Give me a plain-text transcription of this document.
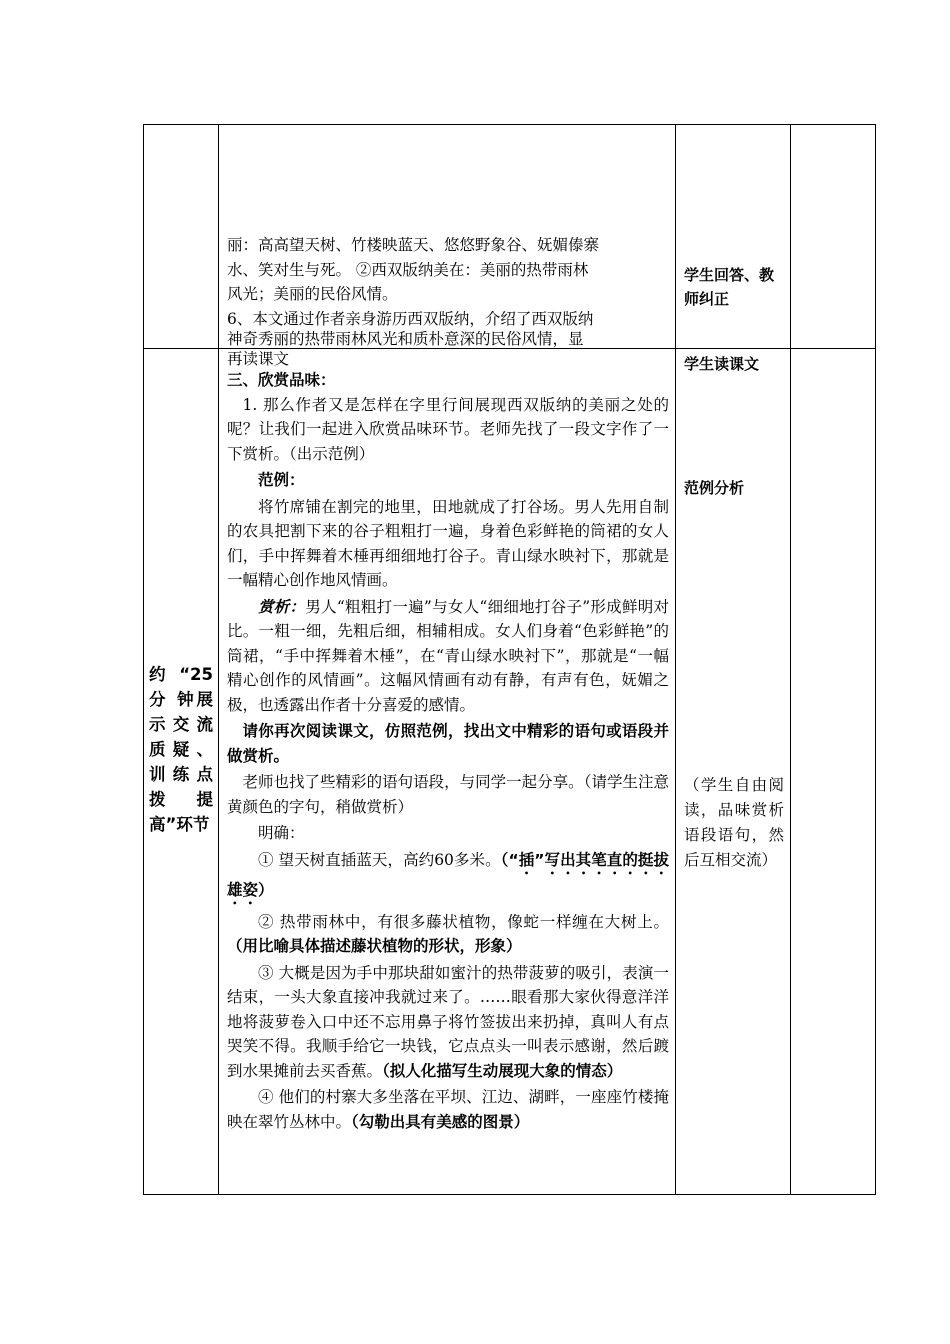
丽：高高望天树、竹楼映蓝天、悠悠野象谷、妩媚傣寨

水、笑对生与死。 ②西双版纳美在：美丽的热带雨林

风光；美丽的民俗风情。

6、本文通过作者亲身游历西双版纳，介绍了西双版纳

神奇秀丽的热带雨林风光和质朴意深的民俗风情，显

学生回答、教师纠正
约“25分 钟展示交流 质疑、训练点拨提高”环节

再读课文

三、欣赏品味：

1. 那么作者又是怎样在字里行间展现西双版纳的美丽之处的呢？让我们一起进入欣赏品味环节。老师先找了一段文字作了一下赏析。（出示范例）

范例：

将竹席铺在割完的地里，田地就成了打谷场。男人先用自制的农具把割下来的谷子粗粗打一遍，身着色彩鲜艳的筒裙的女人们，手中挥舞着木棰再细细地打谷子。青山绿水映衬下，那就是一幅精心创作地风情画。

赏析：男人“粗粗打一遍”与女人“细细地打谷子”形成鲜明对比。一粗一细，先粗后细，相辅相成。女人们身着“色彩鲜艳”的筒裙，“手中挥舞着木棰”，在“青山绿水映衬下”，那就是“一幅精心创作的风情画”。这幅风情画有动有静，有声有色，妩媚之极，也透露出作者十分喜爱的感情。

请你再次阅读课文，仿照范例，找出文中精彩的语句或语段并做赏析。

老师也找了些精彩的语句语段，与同学一起分享。（请学生注意黄颜色的字句，稍做赏析）

明确：

① 望天树直插蓝天，高约60多米。（“插”写出其笔直的挺拔雄姿）

② 热带雨林中，有很多藤状植物，像蛇一样缠在大树上。（用比喻具体描述藤状植物的形状，形象）

③ 大概是因为手中那块甜如蜜汁的热带菠萝的吸引，表演一结束，一头大象直接冲我就过来了。……眼看那大家伙得意洋洋地将菠萝卷入口中还不忘用鼻子将竹签拔出来扔掉，真叫人有点哭笑不得。我顺手给它一块钱，它点点头一叫表示感谢，然后踱到水果摊前去买香蕉。（拟人化描写生动展现大象的情态）

④ 他们的村寨大多坐落在平坝、江边、湖畔，一座座竹楼掩映在翠竹丛林中。（勾勒出具有美感的图景）

学生读课文
范例分析
（学生自由阅读，品味赏析语段语句，然后互相交流）
